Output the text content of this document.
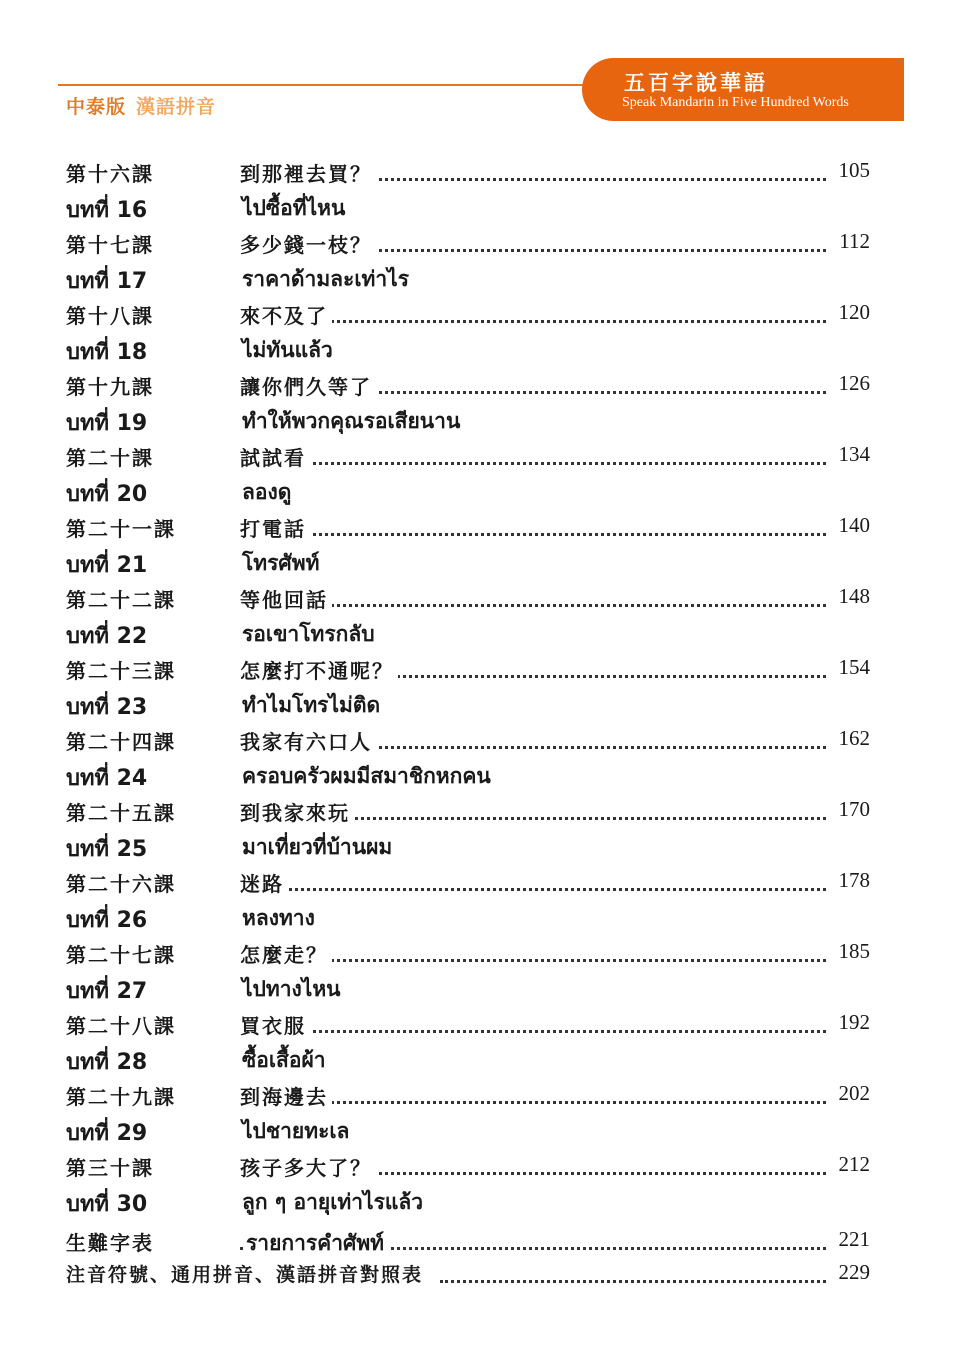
中泰版 漢語拼音
五百字說華語
Speak Mandarin in Five Hundred Words
第十六課	到那裡去買？	105
บทที่ 16	ไปซื้อที่ไหน
第十七課	多少錢一枝？	112
บทที่ 17	ราคาด้ามละเท่าไร
第十八課	來不及了	120
บทที่ 18	ไม่ทันแล้ว
第十九課	讓你們久等了	126
บทที่ 19	ทำให้พวกคุณรอเสียนาน
第二十課	試試看	134
บทที่ 20	ลองดู
第二十一課	打電話	140
บทที่ 21	โทรศัพท์
第二十二課	等他回話	148
บทที่ 22	รอเขาโทรกลับ
第二十三課	怎麼打不通呢？	154
บทที่ 23	ทำไมโทรไม่ติด
第二十四課	我家有六口人	162
บทที่ 24	ครอบครัวผมมีสมาชิกหกคน
第二十五課	到我家來玩	170
บทที่ 25	มาเที่ยวที่บ้านผม
第二十六課	迷路	178
บทที่ 26	หลงทาง
第二十七課	怎麼走？	185
บทที่ 27	ไปทางไหน
第二十八課	買衣服	192
บทที่ 28	ซื้อเสื้อผ้า
第二十九課	到海邊去	202
บทที่ 29	ไปชายทะเล
第三十課	孩子多大了？	212
บทที่ 30	ลูก ๆ อายุเท่าไรแล้ว
生難字表	รายการคำศัพท์	221
注音符號、通用拼音、漢語拼音對照表	229
